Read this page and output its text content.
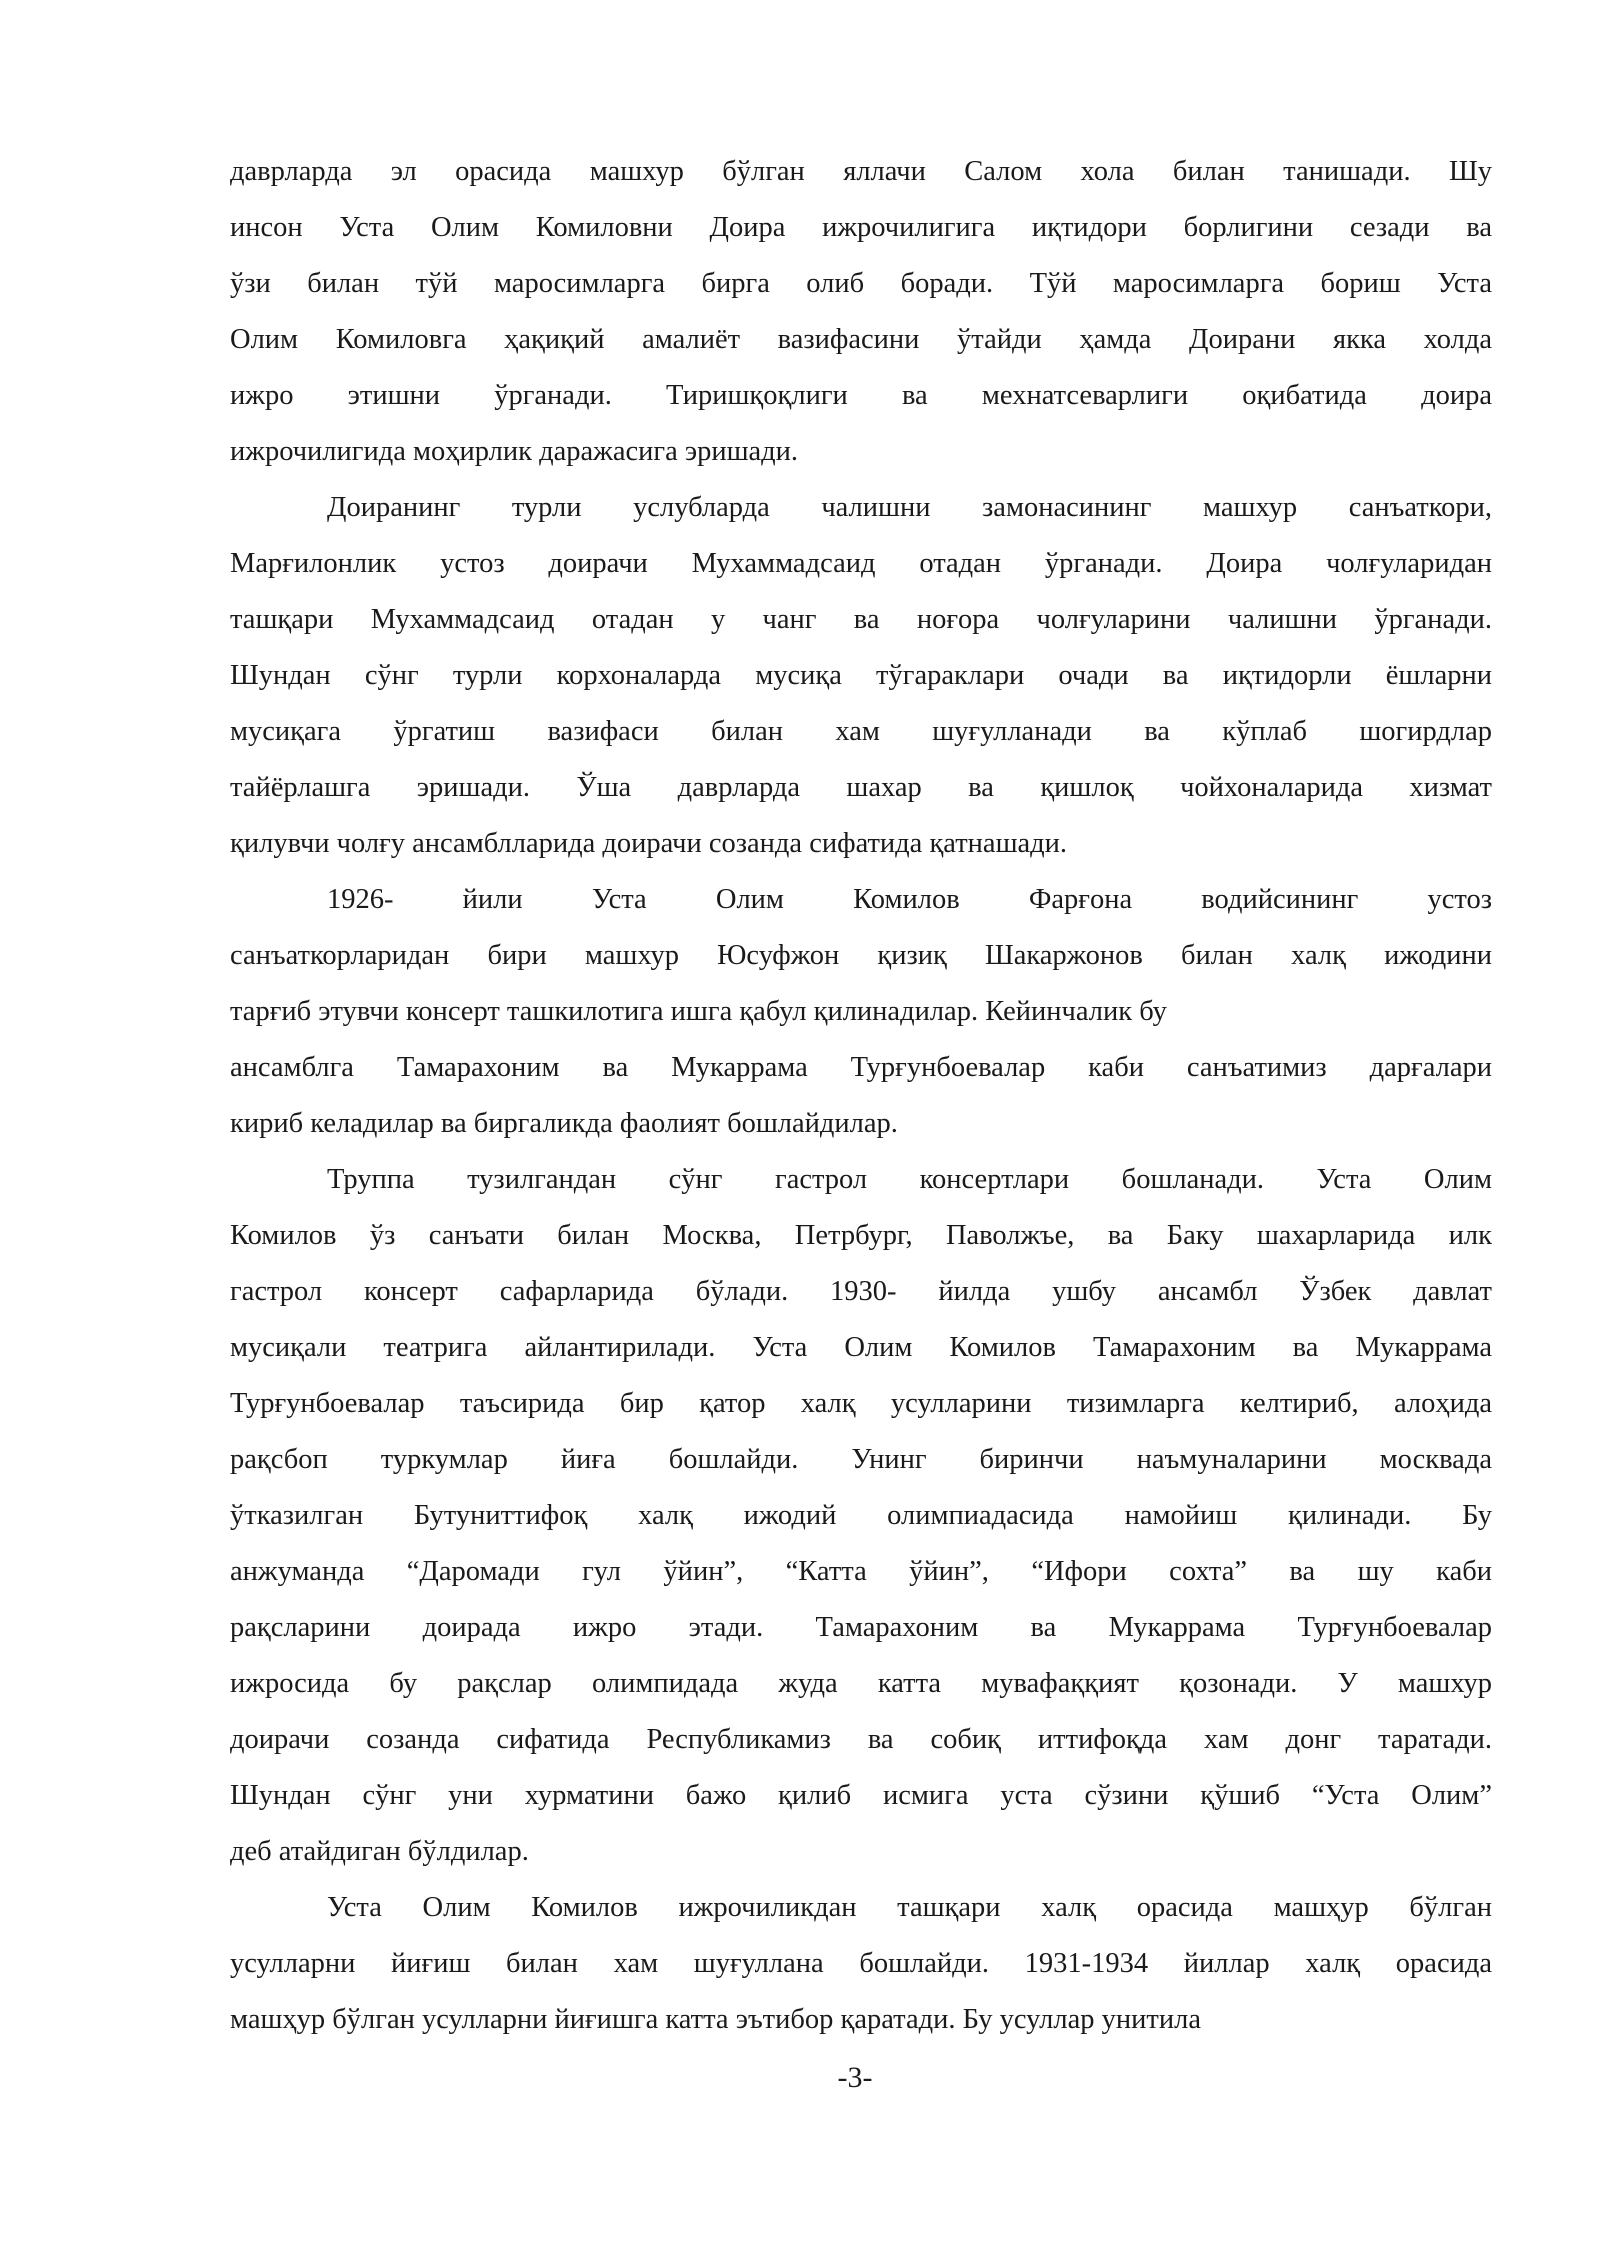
даврларда эл орасида машхур бўлган яллачи Салом хола билан танишади. Шу
инсон Уста Олим Комиловни Доира ижрочилигига иқтидори борлигини сезади ва
ўзи билан тўй маросимларга бирга олиб боради. Тўй маросимларга бориш Уста
Олим Комиловга ҳақиқий амалиёт вазифасини ўтайди ҳамда Доирани якка холда
ижро этишни ўрганади. Тиришқоқлиги ва мехнатсеварлиги оқибатида доира
ижрочилигида моҳирлик даражасига эришади.
Доиранинг турли услубларда чалишни замонасининг машхур санъаткори,
Марғилонлик устоз доирачи Мухаммадсаид отадан ўрганади. Доира чолғуларидан
ташқари Мухаммадсаид отадан у чанг ва ноғора чолғуларини чалишни ўрганади.
Шундан сўнг турли корхоналарда мусиқа тўгараклари очади ва иқтидорли ёшларни
мусиқага ўргатиш вазифаси билан хам шуғулланади ва кўплаб шогирдлар
тайёрлашга эришади. Ўша даврларда шахар ва қишлоқ чойхоналарида хизмат
қилувчи чолғу ансамблларида доирачи созанда сифатида қатнашади.
1926- йили Уста Олим Комилов Фарғона водийсининг устоз
санъаткорларидан бири машхур Юсуфжон қизиқ Шакаржонов билан халқ ижодини
тарғиб этувчи консерт ташкилотига ишга қабул қилинадилар. Кейинчалик бу
ансамблга Тамарахоним ва Мукаррама Турғунбоевалар каби санъатимиз дарғалари
кириб келадилар ва биргаликда фаолият бошлайдилар.
Труппа тузилгандан сўнг гастрол консертлари бошланади. Уста Олим
Комилов ўз санъати билан Москва, Петрбург, Паволжъе, ва Баку шахарларида илк
гастрол консерт сафарларида бўлади. 1930- йилда ушбу ансамбл Ўзбек давлат
мусиқали театрига айлантирилади. Уста Олим Комилов Тамарахоним ва Мукаррама
Турғунбоевалар таъсирида бир қатор халқ усулларини тизимларга келтириб, алоҳида
рақсбоп туркумлар йиға бошлайди. Унинг биринчи наъмуналарини москвада
ўтказилган Бутуниттифоқ халқ ижодий олимпиадасида намойиш қилинади. Бу
анжуманда “Даромади гул ўйин”, “Катта ўйин”, “Ифори сохта” ва шу каби
рақсларини доирада ижро этади. Тамарахоним ва Мукаррама Турғунбоевалар
ижросида бу рақслар олимпидада жуда катта мувафаққият қозонади. У машхур
доирачи созанда сифатида Республикамиз ва собиқ иттифоқда хам донг таратади.
Шундан сўнг уни хурматини бажо қилиб исмига уста сўзини қўшиб “Уста Олим”
деб атайдиган бўлдилар.
Уста Олим Комилов ижрочиликдан ташқари халқ орасида машҳур бўлган
усулларни йиғиш билан хам шуғуллана бошлайди. 1931-1934 йиллар халқ орасида
машҳур бўлган усулларни йиғишга катта эътибор қаратади. Бу усуллар унитила
-3-
